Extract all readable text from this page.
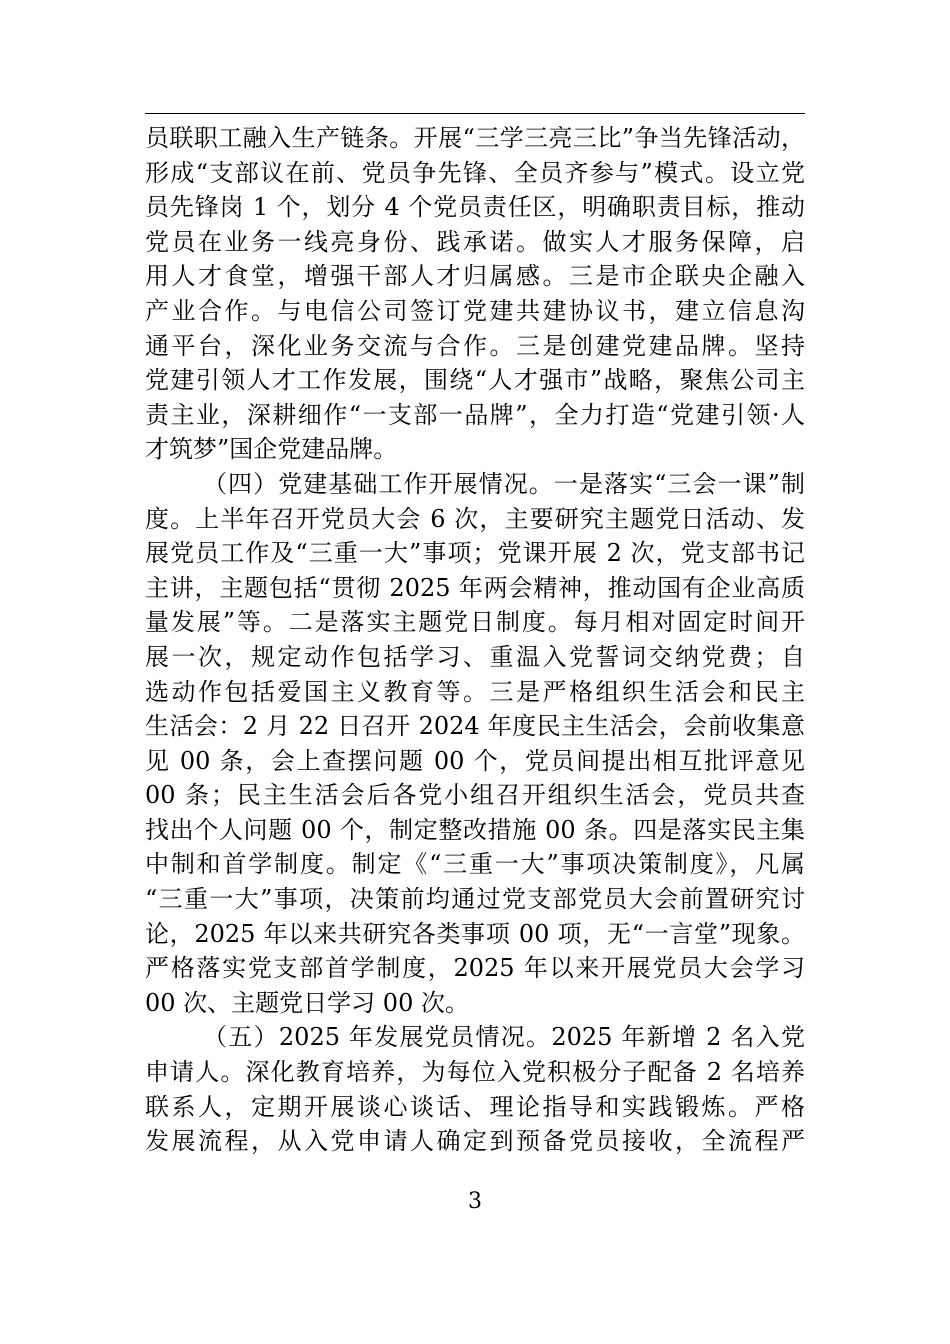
员联职工融入生产链条。开展“三学三亮三比”争当先锋活动，
形成“支部议在前、党员争先锋、全员齐参与”模式。设立党
员先锋岗 1 个，划分 4 个党员责任区，明确职责目标，推动
党员在业务一线亮身份、践承诺。做实人才服务保障，启
用人才食堂，增强干部人才归属感。三是市企联央企融入
产业合作。与电信公司签订党建共建协议书，建立信息沟
通平台，深化业务交流与合作。三是创建党建品牌。坚持
党建引领人才工作发展，围绕“人才强市”战略，聚焦公司主
责主业，深耕细作“一支部一品牌”，全力打造“党建引领·人
才筑梦”国企党建品牌。
（四）党建基础工作开展情况。一是落实“三会一课”制
度。上半年召开党员大会 6 次，主要研究主题党日活动、发
展党员工作及“三重一大”事项；党课开展 2 次，党支部书记
主讲，主题包括“贯彻 2025 年两会精神，推动国有企业高质
量发展”等。二是落实主题党日制度。每月相对固定时间开
展一次，规定动作包括学习、重温入党誓词交纳党费；自
选动作包括爱国主义教育等。三是严格组织生活会和民主
生活会：2 月 22 日召开 2024 年度民主生活会，会前收集意
见 00 条，会上查摆问题 00 个，党员间提出相互批评意见
00 条；民主生活会后各党小组召开组织生活会，党员共查
找出个人问题 00 个，制定整改措施 00 条。四是落实民主集
中制和首学制度。制定《“三重一大”事项决策制度》，凡属
“三重一大”事项，决策前均通过党支部党员大会前置研究讨
论，2025 年以来共研究各类事项 00 项，无“一言堂”现象。
严格落实党支部首学制度，2025 年以来开展党员大会学习
00 次、主题党日学习 00 次。
（五）2025 年发展党员情况。2025 年新增 2 名入党
申请人。深化教育培养，为每位入党积极分子配备 2 名培养
联系人，定期开展谈心谈话、理论指导和实践锻炼。严格
发展流程，从入党申请人确定到预备党员接收，全流程严
3
